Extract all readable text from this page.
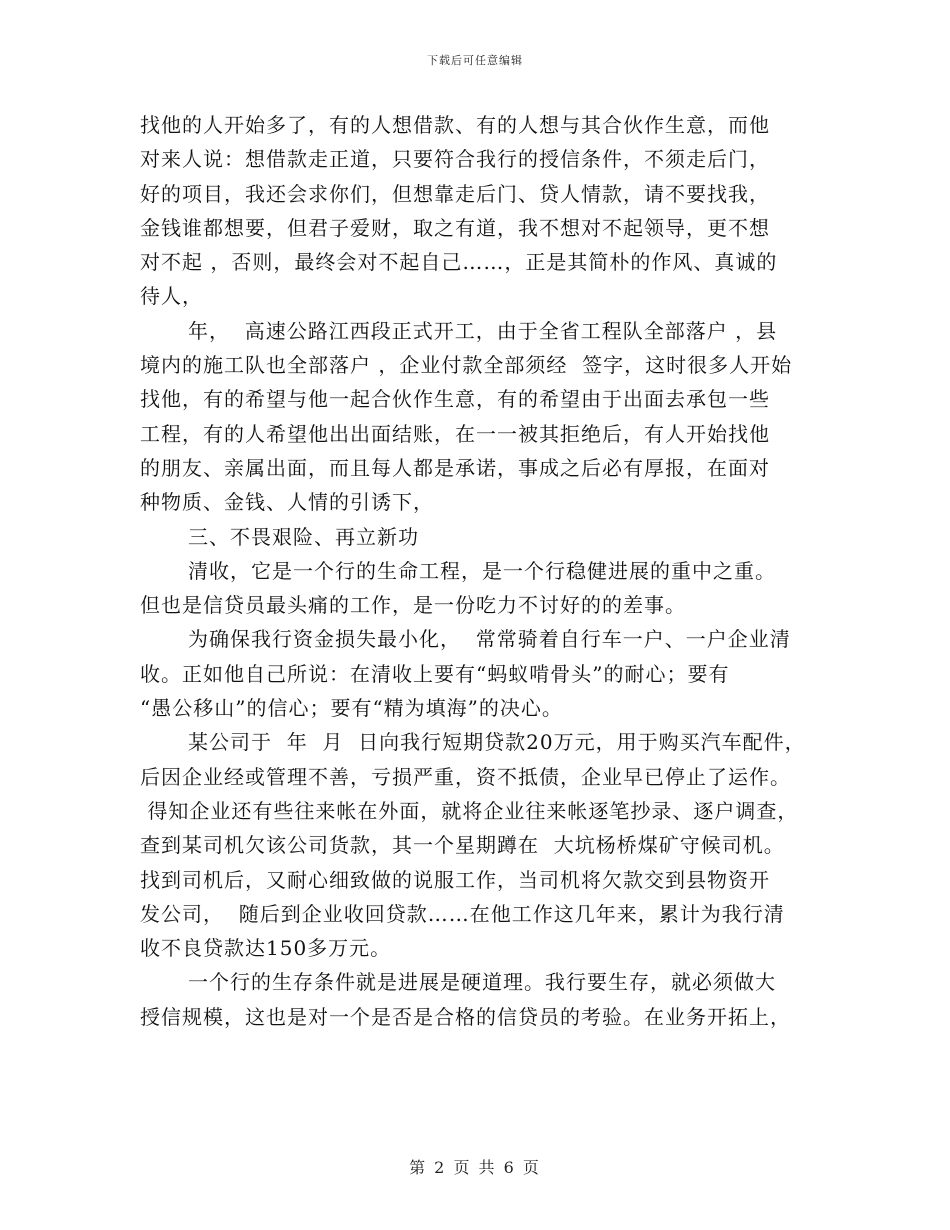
下载后可任意编辑
找他的人开始多了，有的人想借款、有的人想与其合伙作生意，而他
对来人说：想借款走正道，只要符合我行的授信条件，不须走后门，
好的项目，我还会求你们，但想靠走后门、贷人情款，请不要找我，
金钱谁都想要，但君子爱财，取之有道，我不想对不起领导，更不想
对不起 ，否则，最终会对不起自己……，正是其简朴的作风、真诚的
待人，
年，  高速公路江西段正式开工，由于全省工程队全部落户 ，县
境内的施工队也全部落户 ，企业付款全部须经  签字，这时很多人开始
找他，有的希望与他一起合伙作生意，有的希望由于出面去承包一些
工程，有的人希望他出出面结账，在一一被其拒绝后，有人开始找他
的朋友、亲属出面，而且每人都是承诺，事成之后必有厚报，在面对
种物质、金钱、人情的引诱下，
三、不畏艰险、再立新功
清收，它是一个行的生命工程，是一个行稳健进展的重中之重。
但也是信贷员最头痛的工作，是一份吃力不讨好的的差事。
为确保我行资金损失最小化，  常常骑着自行车一户、一户企业清
收。正如他自己所说：在清收上要有“蚂蚁啃骨头”的耐心；要有
“愚公移山”的信心；要有“精为填海”的决心。
某公司于  年  月  日向我行短期贷款20万元，用于购买汽车配件，
后因企业经或管理不善，亏损严重，资不抵债，企业早已停止了运作。
得知企业还有些往来帐在外面，就将企业往来帐逐笔抄录、逐户调查，
查到某司机欠该公司货款，其一个星期蹲在  大坑杨桥煤矿守候司机。
找到司机后，又耐心细致做的说服工作，当司机将欠款交到县物资开
发公司，  随后到企业收回贷款……在他工作这几年来，累计为我行清
收不良贷款达150多万元。
一个行的生存条件就是进展是硬道理。我行要生存，就必须做大
授信规模，这也是对一个是否是合格的信贷员的考验。在业务开拓上，
第 2 页 共 6 页
